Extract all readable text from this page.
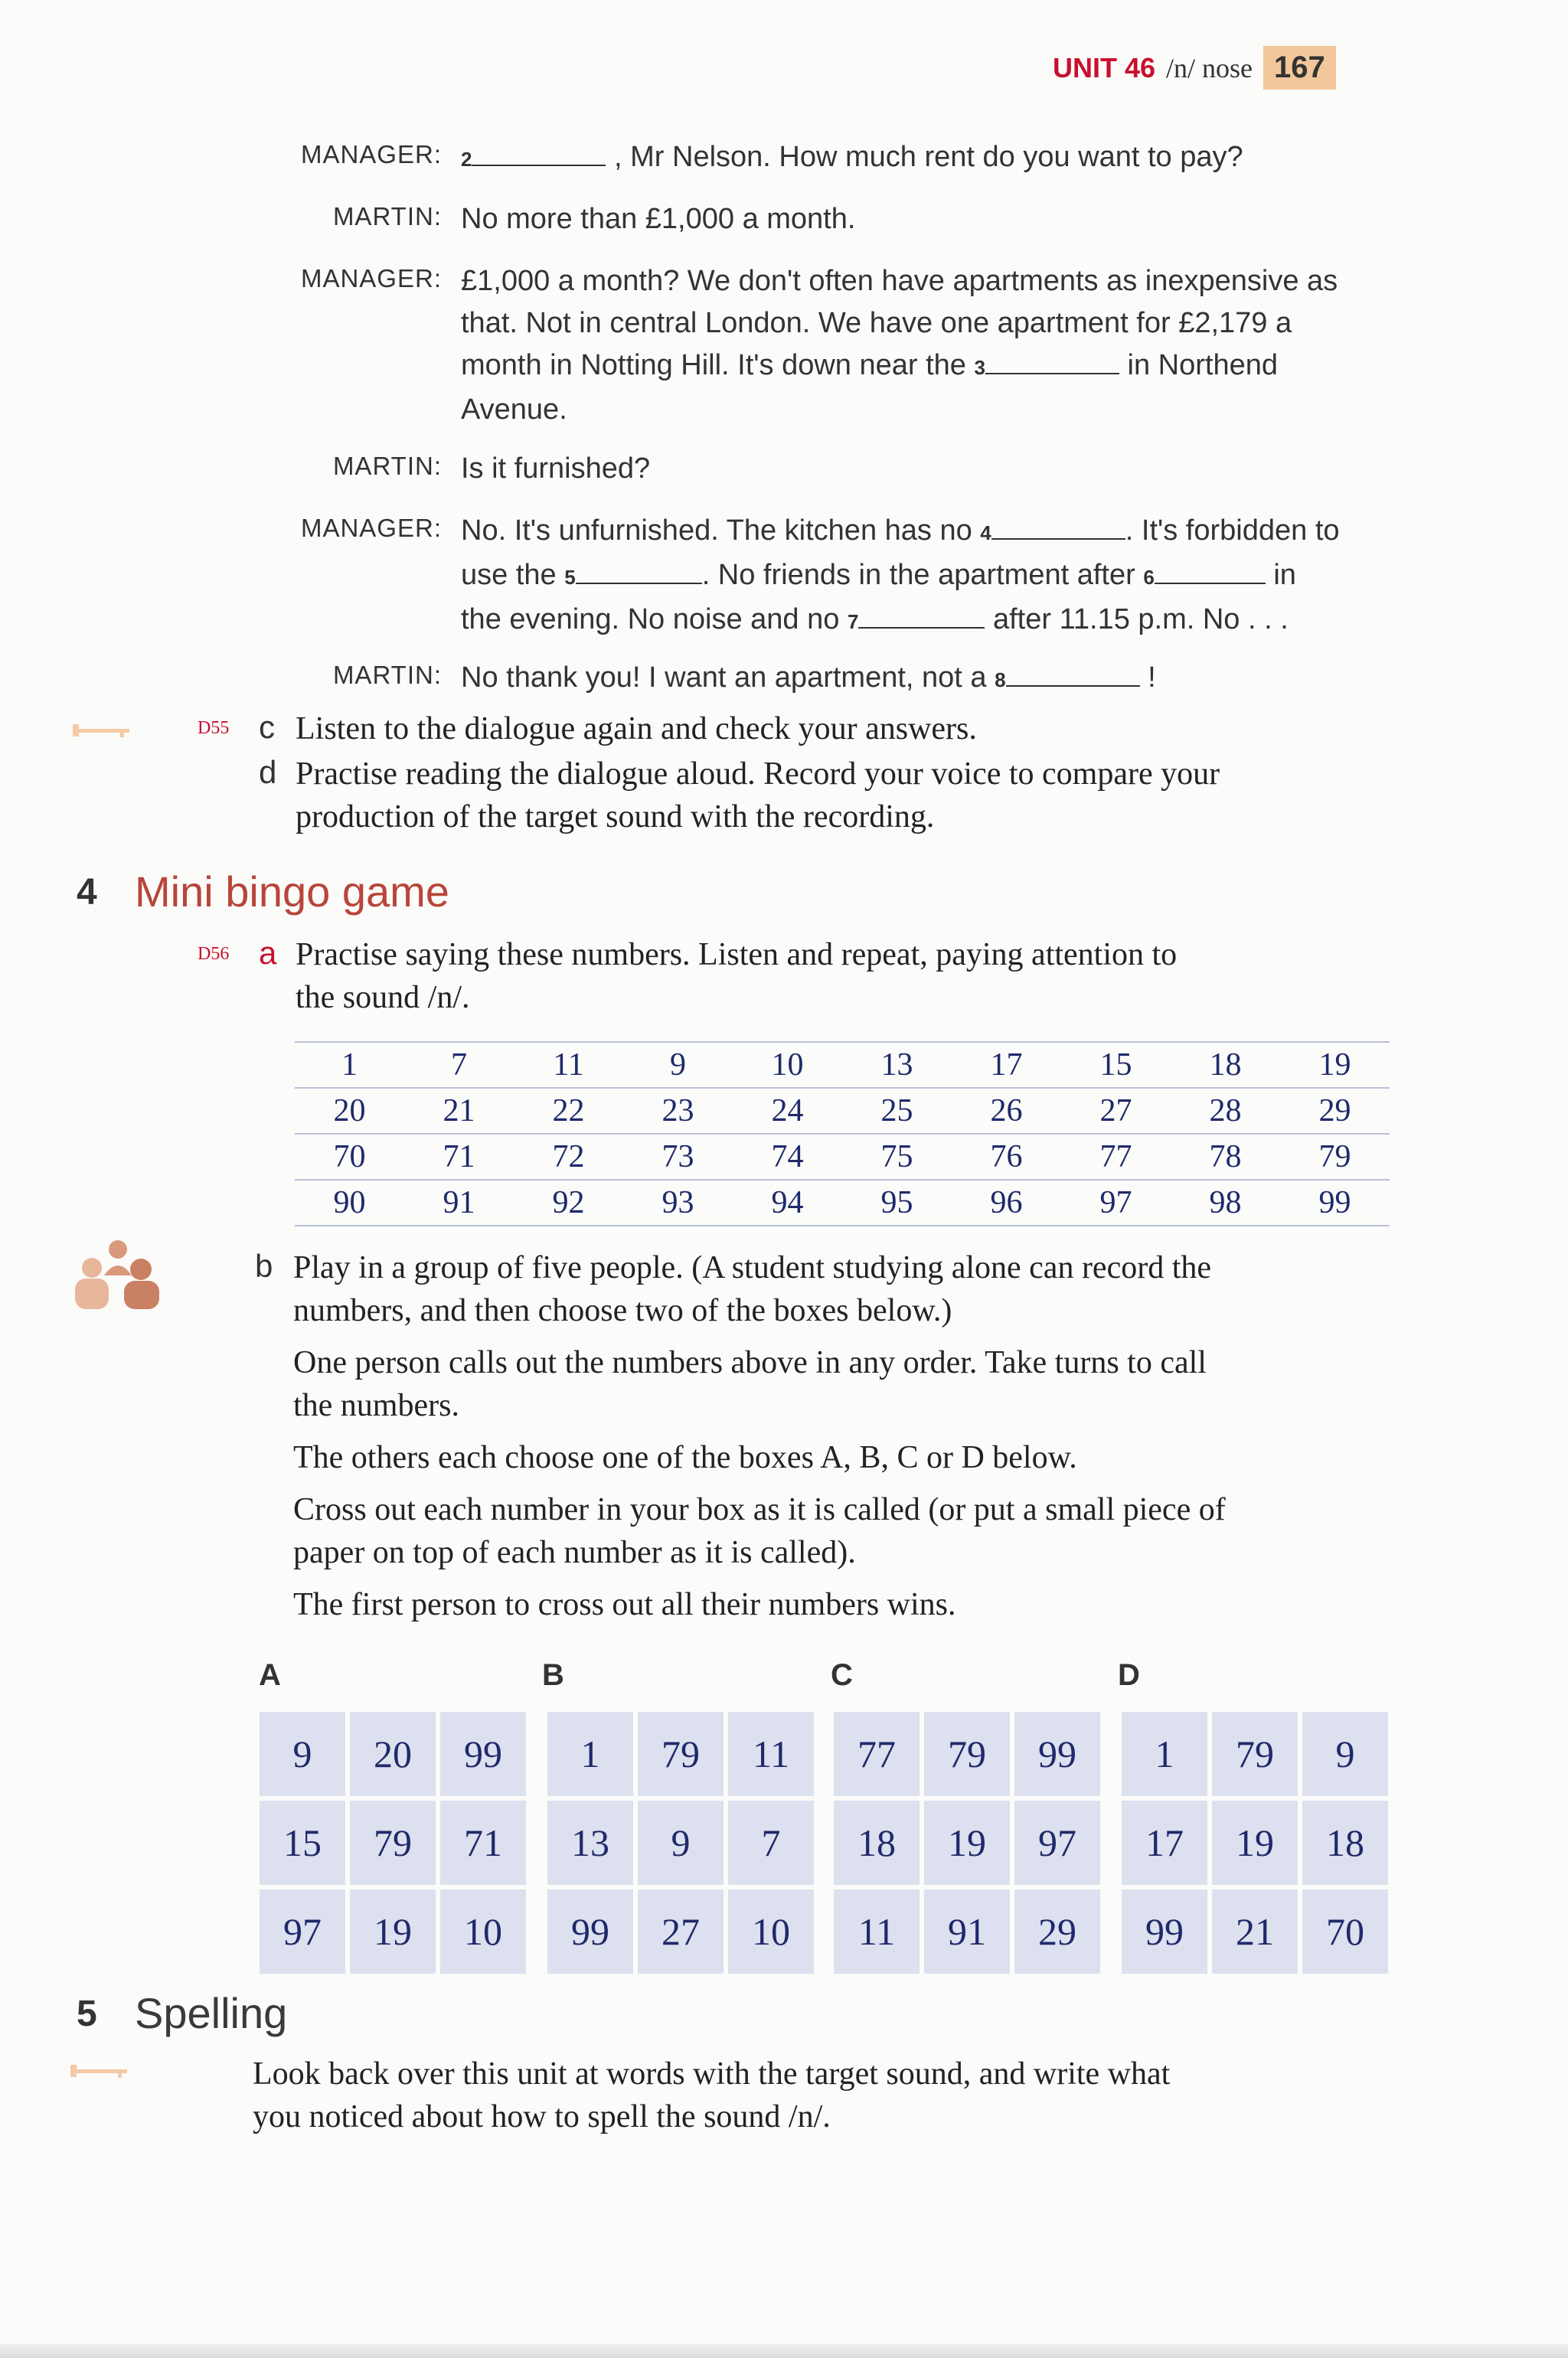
UNIT 46 /n/ nose 167
MANAGER: 2	, Mr Nelson. How much rent do you want to pay?
MARTIN: No more than £1,000 a month.
MANAGER: £1,000 a month? We don't often have apartments as inexpensive as
that. Not in central London. We have one apartment for £2,179 a
month in Notting Hill. It's down near the 3	in Northend
Avenue.
MARTIN: Is it furnished?
MANAGER: No. It's unfurnished. The kitchen has no 4	. It's forbidden to
use the 5	. No friends in the apartment after 6	in
the evening. No noise and no 7	after 11.15 p.m. No . . .
MARTIN: No thank you! I want an apartment, not a 8	!
D55 c Listen to the dialogue again and check your answers.
d Practise reading the dialogue aloud. Record your voice to compare your
production of the target sound with the recording.
4 Mini bingo game
D56 a Practise saying these numbers. Listen and repeat, paying attention to
the sound /n/.
1	7	11	9	10	13	17	15	18	19
20	21	22	23	24	25	26	27	28	29
70	71	72	73	74	75	76	77	78	79
90	91	92	93	94	95	96	97	98	99
b Play in a group of five people. (A student studying alone can record the
numbers, and then choose two of the boxes below.)
One person calls out the numbers above in any order. Take turns to call
the numbers.
The others each choose one of the boxes A, B, C or D below.
Cross out each number in your box as it is called (or put a small piece of
paper on top of each number as it is called).
The first person to cross out all their numbers wins.
A	B	C	D
9	20	99
15	79	71
97	19	10
1	79	11
13	9	7
99	27	10
77	79	99
18	19	97
11	91	29
1	79	9
17	19	18
99	21	70
5 Spelling
Look back over this unit at words with the target sound, and write what
you noticed about how to spell the sound /n/.
